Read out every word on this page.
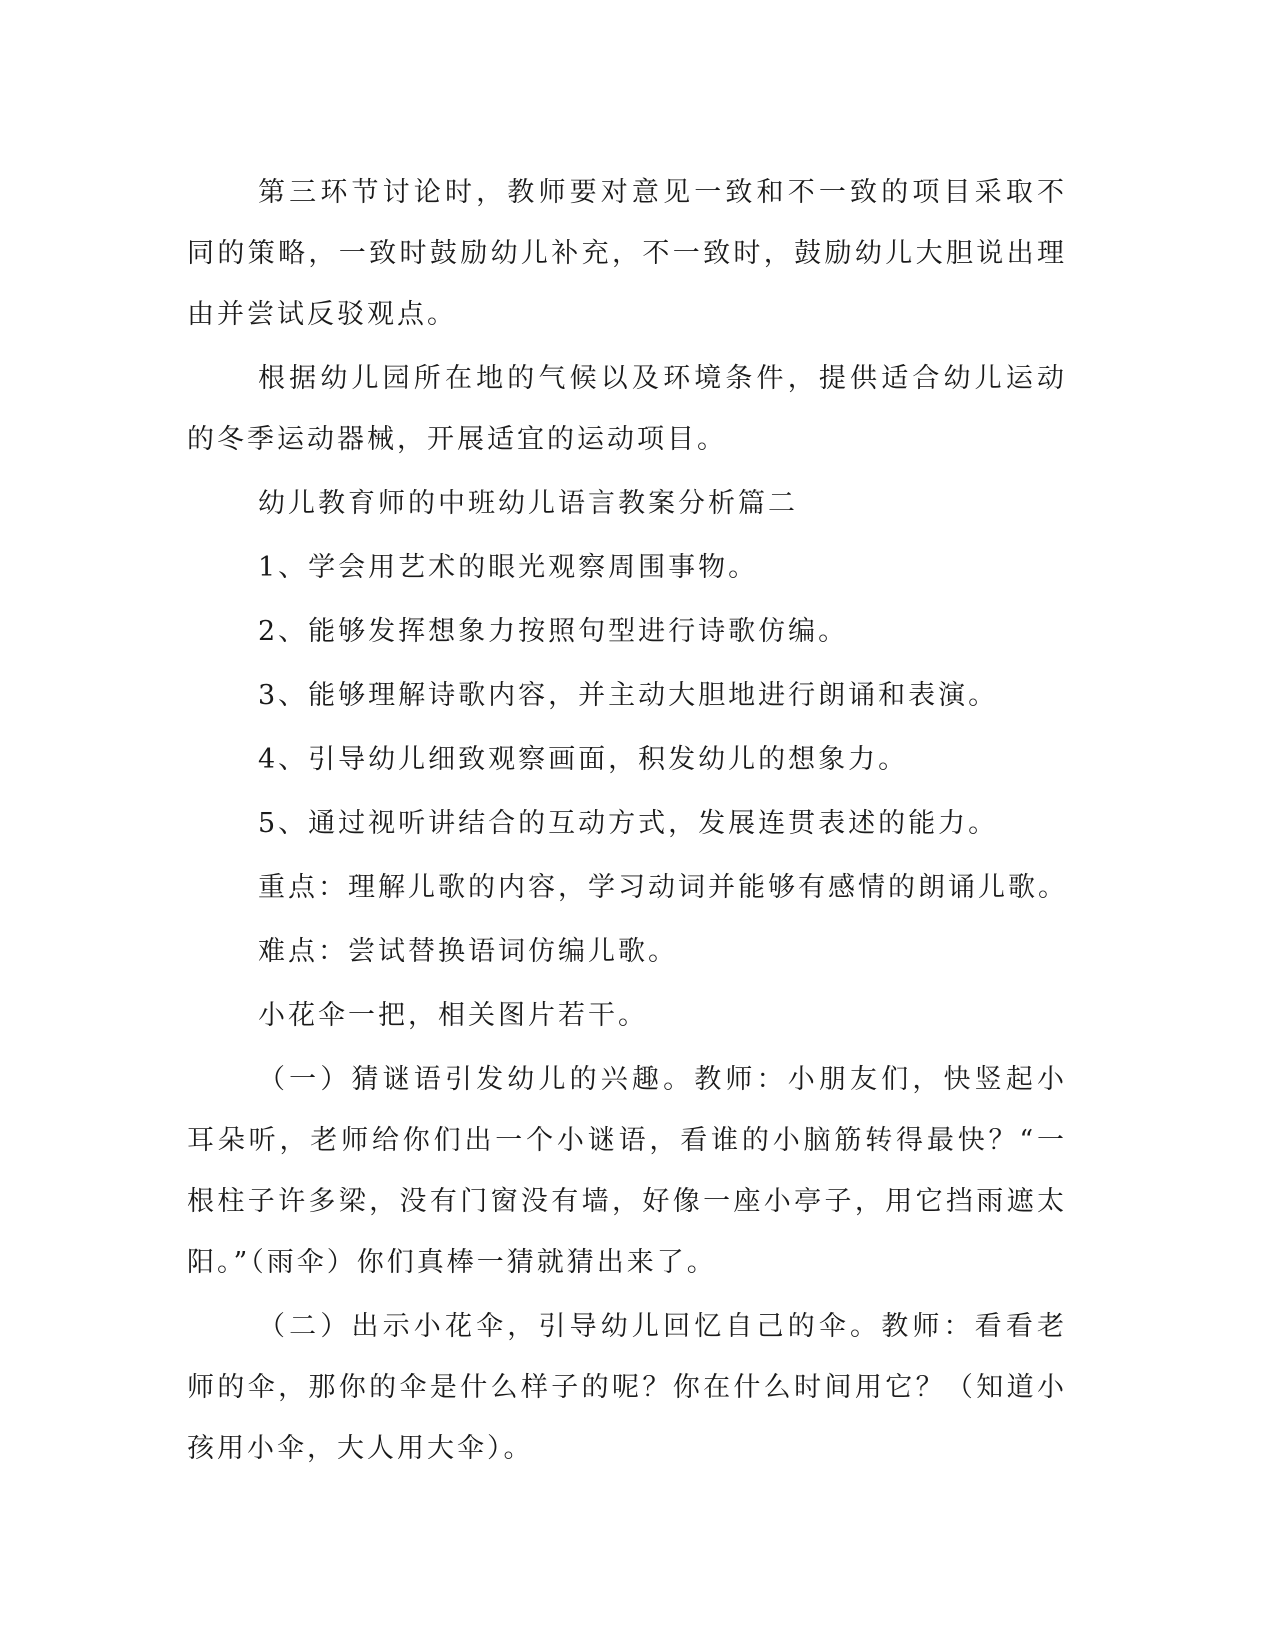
第三环节讨论时，教师要对意见一致和不一致的项目采取不同的策略，一致时鼓励幼儿补充，不一致时，鼓励幼儿大胆说出理由并尝试反驳观点。

根据幼儿园所在地的气候以及环境条件，提供适合幼儿运动的冬季运动器械，开展适宜的运动项目。

幼儿教育师的中班幼儿语言教案分析篇二

1、学会用艺术的眼光观察周围事物。

2、能够发挥想象力按照句型进行诗歌仿编。

3、能够理解诗歌内容，并主动大胆地进行朗诵和表演。

4、引导幼儿细致观察画面，积发幼儿的想象力。

5、通过视听讲结合的互动方式，发展连贯表述的能力。

重点：理解儿歌的内容，学习动词并能够有感情的朗诵儿歌。

难点：尝试替换语词仿编儿歌。

小花伞一把，相关图片若干。

（一）猜谜语引发幼儿的兴趣。教师：小朋友们，快竖起小耳朵听，老师给你们出一个小谜语，看谁的小脑筋转得最快？“一根柱子许多梁，没有门窗没有墙，好像一座小亭子，用它挡雨遮太阳。”（雨伞）你们真棒一猜就猜出来了。

（二）出示小花伞，引导幼儿回忆自己的伞。教师：看看老师的伞，那你的伞是什么样子的呢？你在什么时间用它？（知道小孩用小伞，大人用大伞）。
